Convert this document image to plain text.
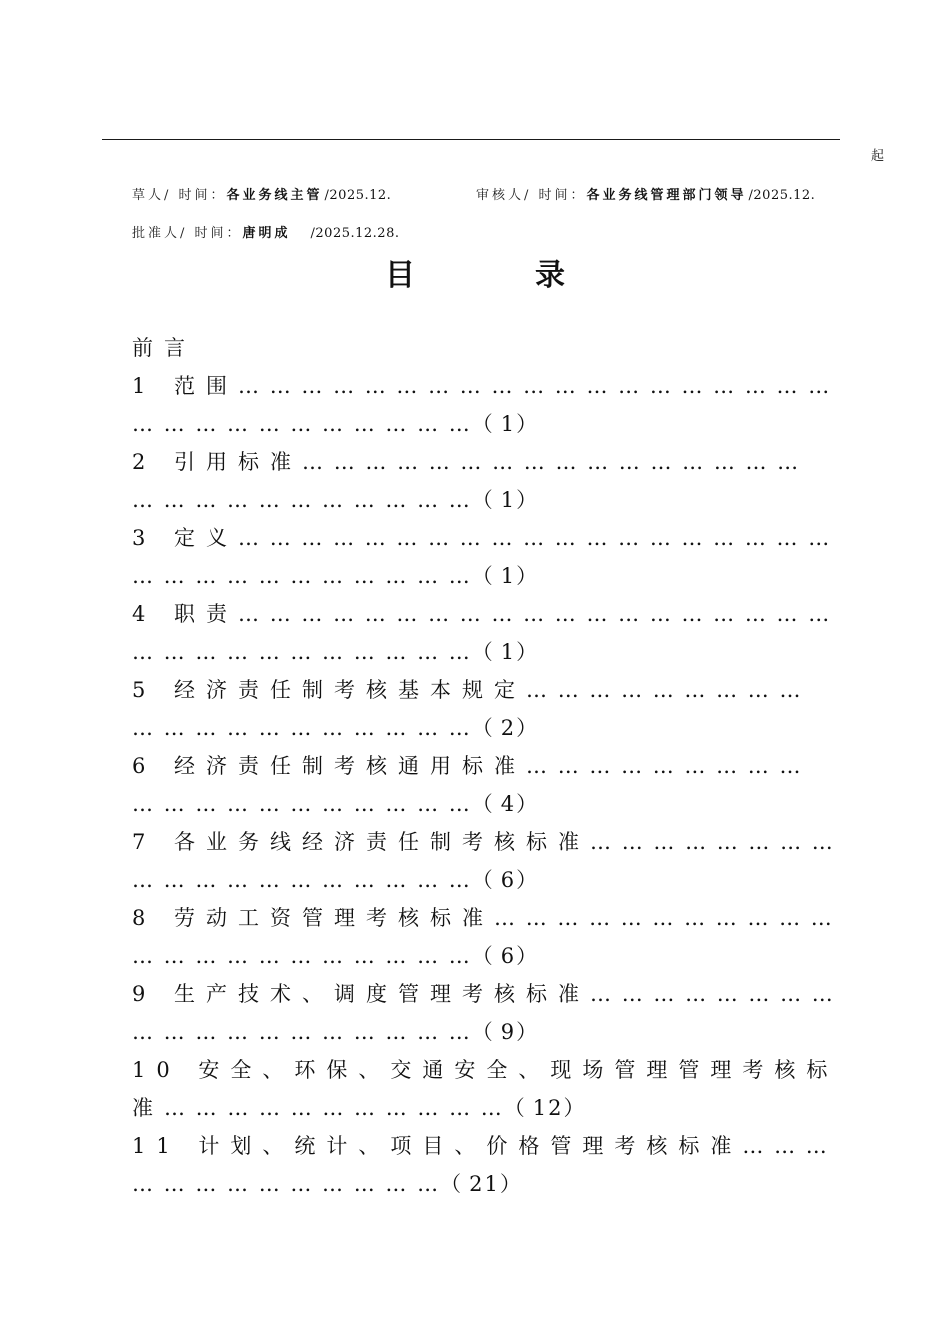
起
草人/ 时间：各业务线主管 /2025.12.	审核人/ 时间：各业务线管理部门领导 /2025.12.
批准人/ 时间：唐明成 /2025.12.28.
目	录
前言
1 范围… … … … … … … … … … … … … … … … … … …
… … … … … … … … … … …（1）
2 引用标准… … … … … … … … … … … … … … … …
… … … … … … … … … … …（1）
3 定义… … … … … … … … … … … … … … … … … … …
… … … … … … … … … … …（1）
4 职责… … … … … … … … … … … … … … … … … … …
… … … … … … … … … … …（1）
5 经济责任制考核基本规定… … … … … … … … …
… … … … … … … … … … …（2）
6 经济责任制考核通用标准… … … … … … … … …
… … … … … … … … … … …（4）
7 各业务线经济责任制考核标准… … … … … … … …
… … … … … … … … … … …（6）
8 劳动工资管理考核标准… … … … … … … … … … …
… … … … … … … … … … …（6）
9 生产技术、调度管理考核标准… … … … … … … …
… … … … … … … … … … …（9）
10 安全、环保、交通安全、现场管理管理考核标
准… … … … … … … … … … …（12）
11 计划、统计、项目、价格管理考核标准… … …
… … … … … … … … … …（21）
